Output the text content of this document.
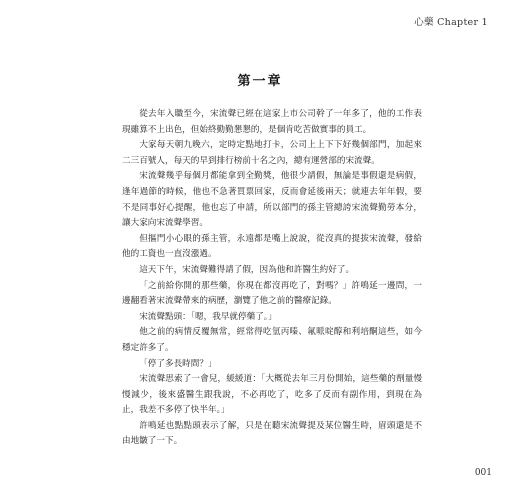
心藥 Chapter 1
第一章

從去年入職至今，宋流聲已經在這家上市公司幹了一年多了，他的工作表現雖算不上出色，但始終勤勤懇懇的，是個肯吃苦做實事的員工。

大家每天朝九晚六，定時定點地打卡，公司上上下下好幾個部門，加起來二三百號人，每天的早到排行榜前十名之內，總有運營部的宋流聲。

宋流聲幾乎每個月都能拿到全勤獎，他很少請假，無論是事假還是病假，逢年過節的時候，他也不急著買票回家，反而會延後兩天；就連去年年假，要不是同事好心提醒，他也忘了申請，所以部門的孫主管總誇宋流聲勤勞本分，讓大家向宋流聲學習。

但摳門小心眼的孫主管，永遠都是嘴上說說，從沒真的提拔宋流聲，發給他的工資也一直沒漲過。

這天下午，宋流聲難得請了假，因為他和許醫生約好了。

「之前給你開的那些藥，你現在都沒再吃了，對嗎？」許鳴延一邊問，一邊翻看著宋流聲帶來的病歷，瀏覽了他之前的醫療記錄。

宋流聲點頭：「嗯，我早就停藥了。」

他之前的病情反覆無常，經常得吃氫丙嗪、氟哌啶醇和利培酮這些，如今穩定許多了。

「停了多長時間？」

宋流聲思索了一會兒，緩緩道：「大概從去年三月份開始，這些藥的劑量慢慢減少，後來盛醫生跟我說，不必再吃了，吃多了反而有副作用，到現在為止，我差不多停了快半年。」

許鳴延也點點頭表示了解，只是在聽宋流聲提及某位醫生時，眉頭還是不由地皺了一下。

001
